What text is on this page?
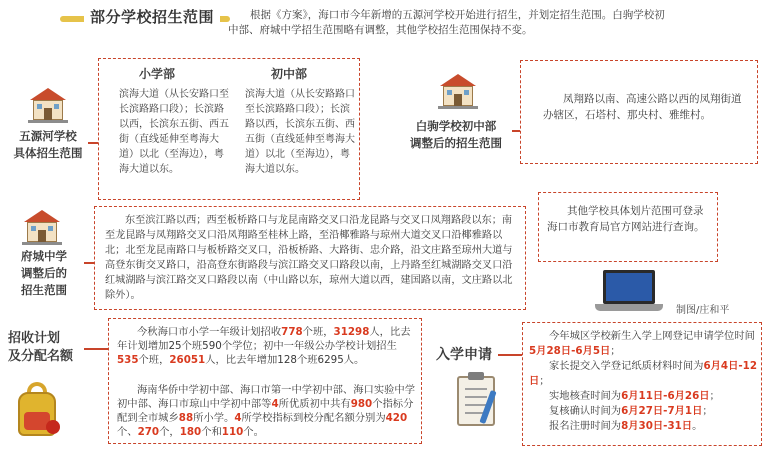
部分学校招生范围	根据《方案》，海口市今年新增的五源河学校开始进行招生，并划定招生范围。白驹学校初中部、府城中学招生范围略有调整，其他学校招生范围保持不变。
五源河学校
具体招生范围
小学部	初中部
滨海大道（从长安路口至长滨路路口段）；长滨路以西，长滨东五街、西五街（直线延伸至粤海大道）以北（至海边），粤海大道以东。
滨海大道（从长安路路口至长滨路路口段）；长滨路以西，长滨东五街、西五街（直线延伸至粤海大道）以北（至海边），粤海大道以东。
白驹学校初中部
调整后的招生范围
凤翔路以南、高速公路以西的凤翔街道办辖区，石塔村、那央村、雅维村。
府城中学
调整后的
招生范围
东至滨江路以西；西至板桥路口与龙昆南路交叉口沿龙昆路与交叉口凤翔路段以东；南至龙昆路与凤翔路交叉口沿凤翔路至桂林上路，至沿椰雅路与琼州大道交叉口沿椰雅路以北；北至龙昆南路口与板桥路交叉口，沿板桥路、大路街、忠介路，沿文庄路至琼州大道与高登东街交叉路口，沿高登东街路段与滨江路交叉口路段以南，上丹路至红城湖路交叉口沿红城湖路与滨江路交叉口路段以南（中山路以东，琼州大道以西，建国路以南，文庄路以北除外）。
其他学校具体划片范围可登录海口市教育局官方网站进行查询。
制图/庄和平
招收计划
及分配名额
今秋海口市小学一年级计划招收778个班，31298人，比去年计划增加25个班590个学位；初中一年级公办学校计划招生535个班，26051人，比去年增加128个班6295人。
海南华侨中学初中部、海口市第一中学初中部、海口实验中学初中部、海口市琼山中学初中部等4所优质初中共有980个指标分配到全市城乡88所小学。4所学校指标到校分配名额分别为420个、270个，180个和110个。
入学申请
今年城区学校新生入学上网登记申请学位时间5月28日-6月5日；
家长提交入学登记纸质材料时间为6月4日-12日；
实地核查时间为6月11日-6月26日；
复核确认时间为6月27日-7月1日；
报名注册时间为8月30日-31日。
